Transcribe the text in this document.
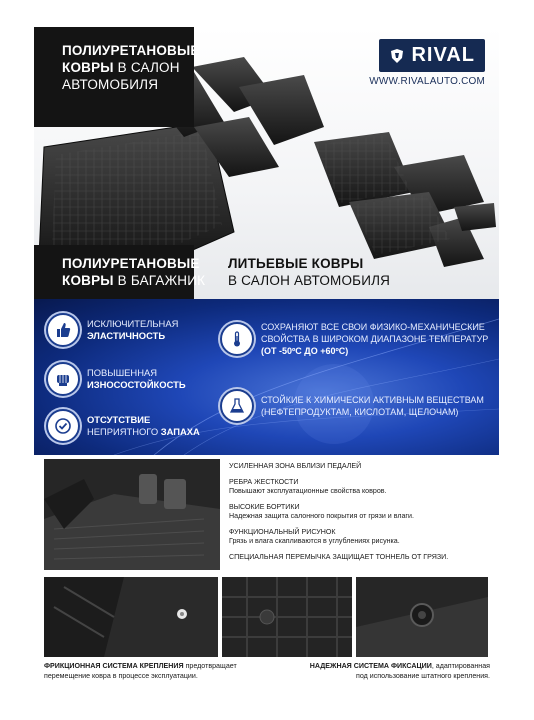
ПОЛИУРЕТАНОВЫЕ
КОВРЫ В САЛОН
АВТОМОБИЛЯ
ПОЛИУРЕТАНОВЫЕ
КОВРЫ В БАГАЖНИК
ЛИТЬЕВЫЕ КОВРЫ
В САЛОН АВТОМОБИЛЯ
RIVAL
WWW.RIVALAUTO.COM
ИСКЛЮЧИТЕЛЬНАЯ
ЭЛАСТИЧНОСТЬ
ПОВЫШЕННАЯ
ИЗНОСОСТОЙКОСТЬ
ОТСУТСТВИЕ
НЕПРИЯТНОГО ЗАПАХА
СОХРАНЯЮТ ВСЕ СВОИ ФИЗИКО-МЕХАНИЧЕСКИЕ
СВОЙСТВА В ШИРОКОМ ДИАПАЗОНЕ ТЕМПЕРАТУР
(ОТ -50ºС ДО +60ºС)
СТОЙКИЕ К ХИМИЧЕСКИ АКТИВНЫМ ВЕЩЕСТВАМ
(НЕФТЕПРОДУКТАМ, КИСЛОТАМ, ЩЕЛОЧАМ)
УСИЛЕННАЯ ЗОНА ВБЛИЗИ ПЕДАЛЕЙ
РЕБРА ЖЕСТКОСТИ
Повышают эксплуатационные свойства ковров.
ВЫСОКИЕ БОРТИКИ
Надежная защита салонного покрытия от грязи и влаги.
ФУНКЦИОНАЛЬНЫЙ РИСУНОК
Грязь и влага скапливаются в углублениях рисунка.
СПЕЦИАЛЬНАЯ ПЕРЕМЫЧКА ЗАЩИЩАЕТ ТОННЕЛЬ ОТ ГРЯЗИ.
ФРИКЦИОННАЯ СИСТЕМА КРЕПЛЕНИЯ предотвращает
перемещение ковра в процессе эксплуатации.
НАДЕЖНАЯ СИСТЕМА ФИКСАЦИИ, адаптированная
под использование штатного крепления.
